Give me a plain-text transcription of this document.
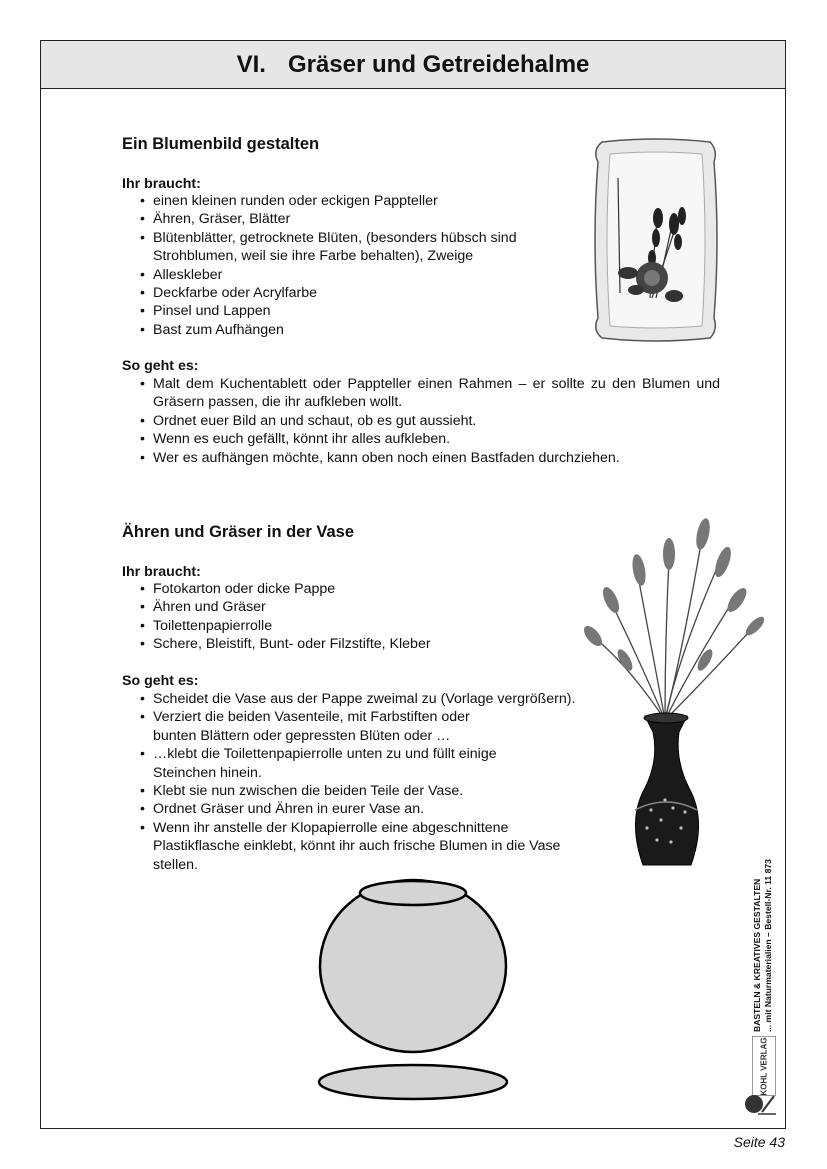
VI. Gräser und Getreidehalme
Ein Blumenbild gestalten
Ihr braucht:
• einen kleinen runden oder eckigen Pappteller
• Ähren, Gräser, Blätter
• Blütenblätter, getrocknete Blüten, (besonders hübsch sind Strohblumen, weil sie ihre Farbe behalten), Zweige
• Alleskleber
• Deckfarbe oder Acrylfarbe
• Pinsel und Lappen
• Bast zum Aufhängen
So geht es:
• Malt dem Kuchentablett oder Pappteller einen Rahmen – er sollte zu den Blumen und Gräsern passen, die ihr aufkleben wollt.
• Ordnet euer Bild an und schaut, ob es gut aussieht.
• Wenn es euch gefällt, könnt ihr alles aufkleben.
• Wer es aufhängen möchte, kann oben noch einen Bastfaden durchziehen.
Ähren und Gräser in der Vase
Ihr braucht:
• Fotokarton oder dicke Pappe
• Ähren und Gräser
• Toilettenpapierrolle
• Schere, Bleistift, Bunt- oder Filzstifte, Kleber
So geht es:
• Scheidet die Vase aus der Pappe zweimal zu (Vorlage vergrößern).
• Verziert die beiden Vasenteile, mit Farbstiften oder bunten Blättern oder gepressten Blüten oder …
• …klebt die Toilettenpapierrolle unten zu und füllt einige Steinchen hinein.
• Klebt sie nun zwischen die beiden Teile der Vase.
• Ordnet Gräser und Ähren in eurer Vase an.
• Wenn ihr anstelle der Klopapierrolle eine abgeschnittene Plastikflasche einklebt, könnt ihr auch frische Blumen in die Vase stellen.
BASTELN & KREATIVES GESTALTEN ... mit Naturmaterialien – Bestell-Nr. 11 873
KOHL VERLAG
Seite 43
